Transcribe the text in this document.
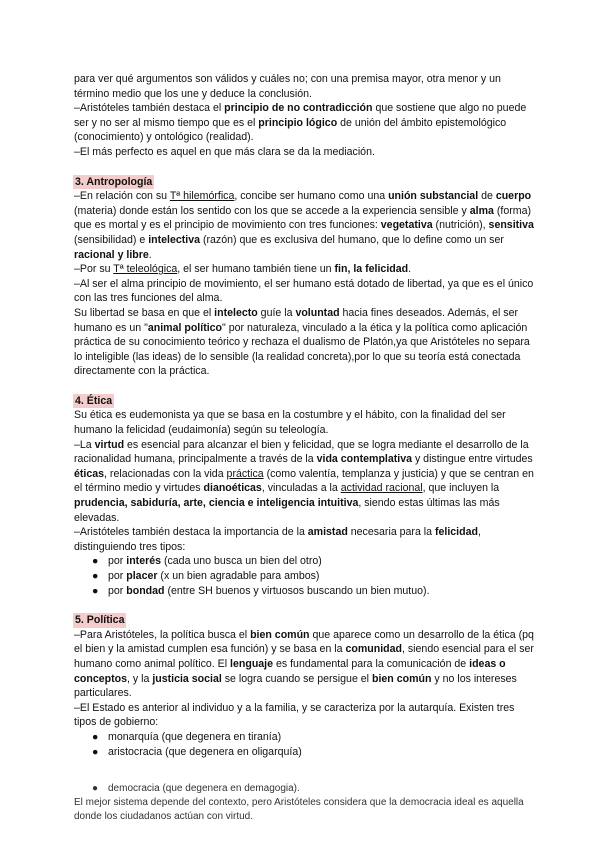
para ver qué argumentos son válidos y cuáles no; con una premisa mayor, otra menor y un término medio que los une y deduce la conclusión.

–Aristóteles también destaca el principio de no contradicción que sostiene que algo no puede ser y no ser al mismo tiempo que es el principio lógico de unión del ámbito epistemológico (conocimiento) y ontológico (realidad).

–El más perfecto es aquel en que más clara se da la mediación.

3. Antropología

–En relación con su Tª hilemórfica, concibe ser humano como una unión substancial de cuerpo (materia) donde están los sentido con los que se accede a la experiencia sensible y alma (forma) que es mortal y es el principio de movimiento con tres funciones: vegetativa (nutrición), sensitiva (sensibilidad) e intelectiva (razón) que es exclusiva del humano, que lo define como un ser racional y libre.

–Por su Tª teleológica, el ser humano también tiene un fin, la felicidad.

–Al ser el alma principio de movimiento, el ser humano está dotado de libertad, ya que es el único con las tres funciones del alma.

Su libertad se basa en que el intelecto guíe la voluntad hacia fines deseados. Además, el ser humano es un "animal político" por naturaleza, vinculado a la ética y la política como aplicación práctica de su conocimiento teórico y rechaza el dualismo de Platón,ya que Aristóteles no separa lo inteligible (las ideas) de lo sensible (la realidad concreta),por lo que su teoría está conectada directamente con la práctica.

4. Ética

Su ética es eudemonista ya que se basa en la costumbre y el hábito, con la finalidad del ser humano la felicidad (eudaimonía) según su teleología.

–La virtud es esencial para alcanzar el bien y felicidad, que se logra mediante el desarrollo de la racionalidad humana, principalmente a través de la vida contemplativa y distingue entre virtudes éticas, relacionadas con la vida práctica (como valentía, templanza y justicia) y que se centran en el término medio y virtudes dianoéticas, vinculadas a la actividad racional, que incluyen la prudencia, sabiduría, arte, ciencia e inteligencia intuitiva, siendo estas últimas las más elevadas.

–Aristóteles también destaca la importancia de la amistad necesaria para la felicidad, distinguiendo tres tipos:

● por interés (cada uno busca un bien del otro)
● por placer (x un bien agradable para ambos)
● por bondad (entre SH buenos y virtuosos buscando un bien mutuo).

5. Política

–Para Aristóteles, la política busca el bien común que aparece como un desarrollo de la ética (pq el bien y la amistad cumplen esa función) y se basa en la comunidad, siendo esencial para el ser humano como animal político. El lenguaje es fundamental para la comunicación de ideas o conceptos, y la justicia social se logra cuando se persigue el bien común y no los intereses particulares.

–El Estado es anterior al individuo y a la familia, y se caracteriza por la autarquía. Existen tres tipos de gobierno:

● monarquía (que degenera en tiranía)
● aristocracia (que degenera en oligarquía)
● democracia (que degenera en demagogia).

El mejor sistema depende del contexto, pero Aristóteles considera que la democracia ideal es aquella donde los ciudadanos actúan con virtud.
